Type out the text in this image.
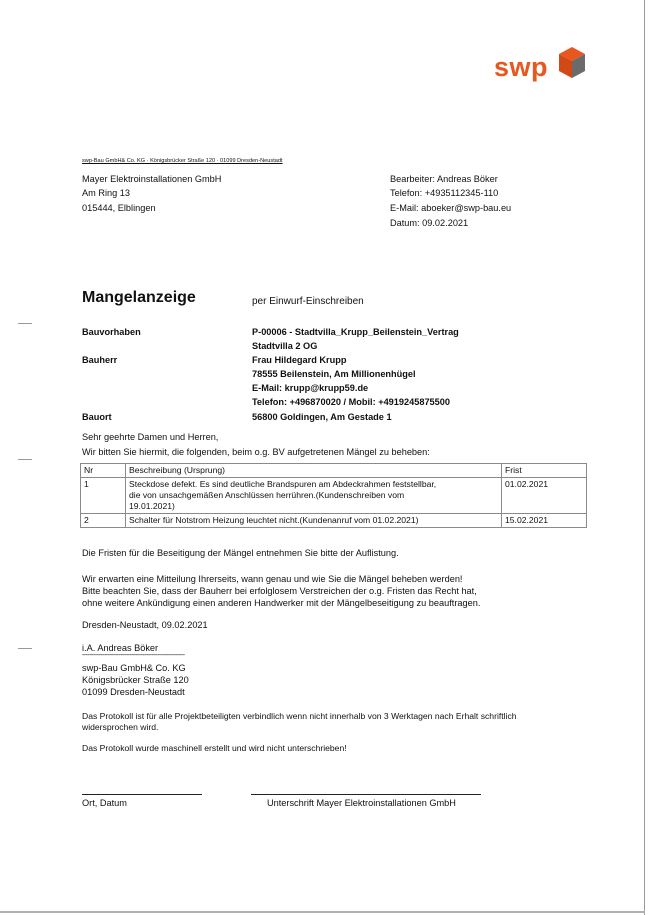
swp
swp-Bau GmbH& Co. KG · Königsbrücker Straße 120 · 01099 Dresden-Neustadt
Mayer Elektroinstallationen GmbH
Am Ring 13
015444, Elblingen
Bearbeiter: Andreas Böker
Telefon: +4935112345-110
E-Mail: aboeker@swp-bau.eu
Datum: 09.02.2021
Mangelanzeige	per Einwurf-Einschreiben
Bauvorhaben	P-00006 - Stadtvilla_Krupp_Beilenstein_Vertrag
Stadtvilla 2 OG
Bauherr	Frau Hildegard Krupp
78555 Beilenstein, Am Millionenhügel
E-Mail: krupp@krupp59.de
Telefon: +496870020 / Mobil: +4919245875500
Bauort	56800 Goldingen, Am Gestade 1
Sehr geehrte Damen und Herren,
Wir bitten Sie hiermit, die folgenden, beim o.g. BV aufgetretenen Mängel zu beheben:
Nr	Beschreibung (Ursprung)	Frist
1	Steckdose defekt. Es sind deutliche Brandspuren am Abdeckrahmen feststellbar,
die von unsachgemäßen Anschlüssen herrühren.(Kundenschreiben vom
19.01.2021)	01.02.2021
2	Schalter für Notstrom Heizung leuchtet nicht.(Kundenanruf vom 01.02.2021)	15.02.2021
Die Fristen für die Beseitigung der Mängel entnehmen Sie bitte der Auflistung.
Wir erwarten eine Mitteilung Ihrerseits, wann genau und wie Sie die Mängel beheben werden!
Bitte beachten Sie, dass der Bauherr bei erfolglosem Verstreichen der o.g. Fristen das Recht hat,
ohne weitere Ankündigung einen anderen Handwerker mit der Mängelbeseitigung zu beauftragen.
Dresden-Neustadt, 09.02.2021
i.A. Andreas Böker
--------------------------------------------------------
swp-Bau GmbH& Co. KG
Königsbrücker Straße 120
01099 Dresden-Neustadt
Das Protokoll ist für alle Projektbeteiligten verbindlich wenn nicht innerhalb von 3 Werktagen nach Erhalt schriftlich
widersprochen wird.
Das Protokoll wurde maschinell erstellt und wird nicht unterschrieben!
Ort, Datum	Unterschrift Mayer Elektroinstallationen GmbH
